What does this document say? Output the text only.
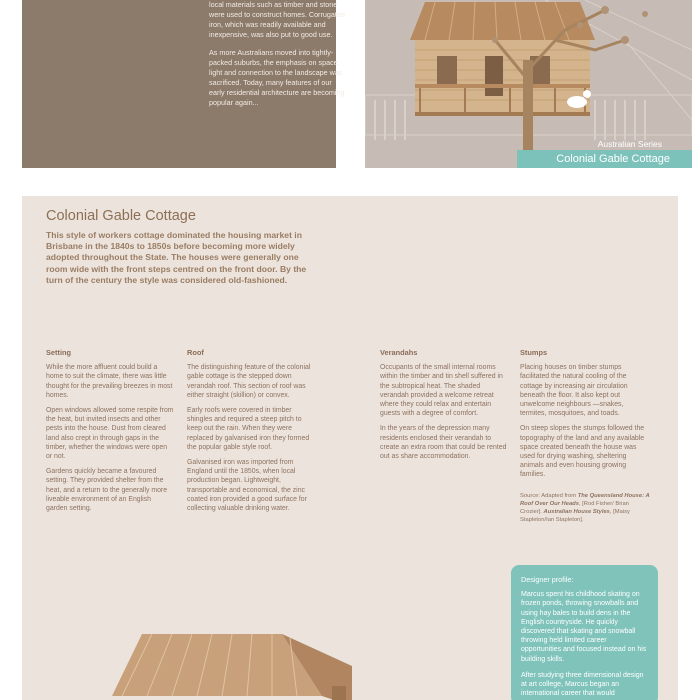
local materials such as timber and stone were used to construct homes. Corrugated iron, which was readily available and inexpensive, was also put to good use.

As more Australians moved into tightly-packed suburbs, the emphasis on space, light and connection to the landscape was sacrificed. Today, many features of our early residential architecture are becoming popular again...

Australian Series
Colonial Gable Cottage
Colonial Gable Cottage

This style of workers cottage dominated the housing market in Brisbane in the 1840s to 1850s before becoming more widely adopted throughout the State. The houses were generally one room wide with the front steps centred on the front door. By the turn of the century the style was considered old-fashioned.

Setting

While the more affluent could build a home to suit the climate, there was little thought for the prevailing breezes in most homes.

Open windows allowed some respite from the heat, but invited insects and other pests into the house. Dust from cleared land also crept in through gaps in the timber, whether the windows were open or not.

Gardens quickly became a favoured setting. They provided shelter from the heat, and a return to the generally more liveable environment of an English garden setting.

Roof

The distinguishing feature of the colonial gable cottage is the stepped down verandah roof. This section of roof was either straight (skillion) or convex.

Early roofs were covered in timber shingles and required a steep pitch to keep out the rain. When they were replaced by galvanised iron they formed the popular gable style roof.

Galvanised iron was imported from England until the 1850s, when local production began. Lightweight, transportable and economical, the zinc coated iron provided a good surface for collecting valuable drinking water.

Verandahs

Occupants of the small internal rooms within the timber and tin shell suffered in the subtropical heat. The shaded verandah provided a welcome retreat where they could relax and entertain guests with a degree of comfort.

In the years of the depression many residents enclosed their verandah to create an extra room that could be rented out as share accommodation.

Stumps

Placing houses on timber stumps facilitated the natural cooling of the cottage by increasing air circulation beneath the floor. It also kept out unwelcome neighbours —snakes, termites, mosquitoes, and toads.

On steep slopes the stumps followed the topography of the land and any available space created beneath the house was used for drying washing, sheltering animals and even housing growing families.

Source: Adapted from The Queensland House: A Roof Over Our Heads, [Rod Fisher/ Brian Crozier]. Australian House Styles, [Maisy Stapleton/Ian Stapleton].

Designer profile:

Marcus spent his childhood skating on frozen ponds, throwing snowballs and using hay bales to build dens in the English countryside. He quickly discovered that skating and snowball throwing held limited career opportunities and focused instead on his building skills.

After studying three dimensional design at art college, Marcus began an international career that would
